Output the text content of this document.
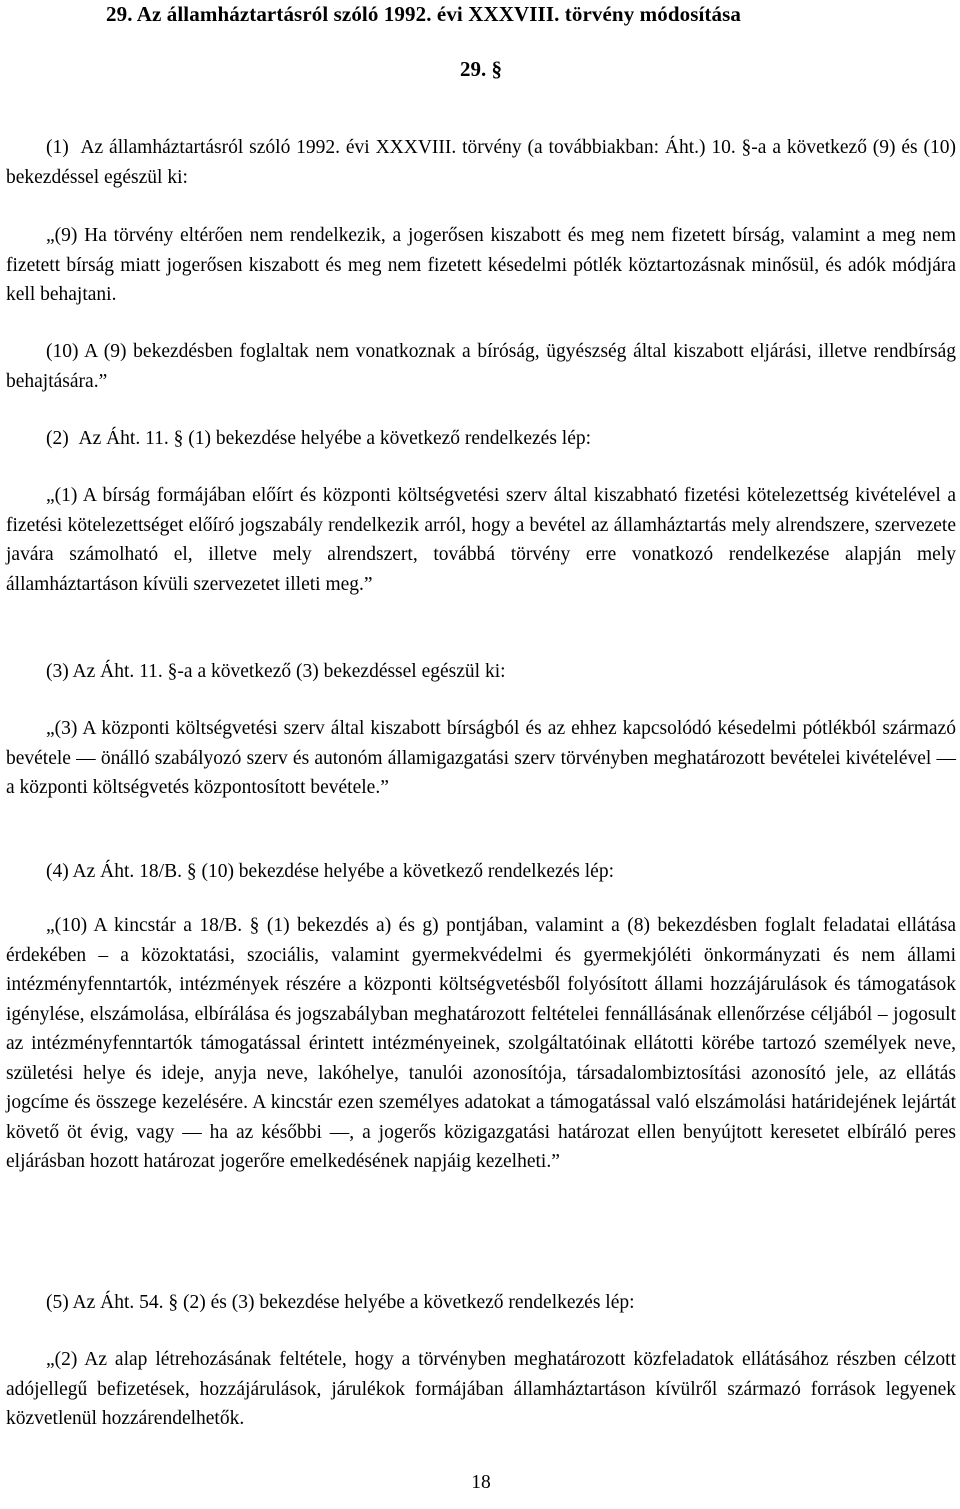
29. Az államháztartásról szóló 1992. évi XXXVIII. törvény módosítása
29. §

(1)  Az államháztartásról szóló 1992. évi XXXVIII. törvény (a továbbiakban: Áht.) 10. §-a a következő (9) és (10) bekezdéssel egészül ki:

„(9) Ha törvény eltérően nem rendelkezik, a jogerősen kiszabott és meg nem fizetett bírság, valamint a meg nem fizetett bírság miatt jogerősen kiszabott és meg nem fizetett késedelmi pótlék köztartozásnak minősül, és adók módjára kell behajtani.

(10) A (9) bekezdésben foglaltak nem vonatkoznak a bíróság, ügyészség által kiszabott eljárási, illetve rendbírság behajtására.”

(2)  Az Áht. 11. § (1) bekezdése helyébe a következő rendelkezés lép:

„(1) A bírság formájában előírt és központi költségvetési szerv által kiszabható fizetési kötelezettség kivételével a fizetési kötelezettséget előíró jogszabály rendelkezik arról, hogy a bevétel az államháztartás mely alrendszere, szervezete javára számolható el, illetve mely alrendszert, továbbá törvény erre vonatkozó rendelkezése alapján mely államháztartáson kívüli szervezetet illeti meg.”

(3) Az Áht. 11. §-a a következő (3) bekezdéssel egészül ki:

„(3) A központi költségvetési szerv által kiszabott bírságból és az ehhez kapcsolódó késedelmi pótlékból származó bevétele — önálló szabályozó szerv és autonóm államigazgatási szerv törvényben meghatározott bevételei kivételével — a központi költségvetés központosított bevétele.”

(4) Az Áht. 18/B. § (10) bekezdése helyébe a következő rendelkezés lép:

„(10) A kincstár a 18/B. § (1) bekezdés a) és g) pontjában, valamint a (8) bekezdésben foglalt feladatai ellátása érdekében – a közoktatási, szociális, valamint gyermekvédelmi és gyermekjóléti önkormányzati és nem állami intézményfenntartók, intézmények részére a központi költségvetésből folyósított állami hozzájárulások és támogatások igénylése, elszámolása, elbírálása és jogszabályban meghatározott feltételei fennállásának ellenőrzése céljából – jogosult az intézményfenntartók támogatással érintett intézményeinek, szolgáltatóinak ellátotti körébe tartozó személyek neve, születési helye és ideje, anyja neve, lakóhelye, tanulói azonosítója, társadalombiztosítási azonosító jele, az ellátás jogcíme és összege kezelésére. A kincstár ezen személyes adatokat a támogatással való elszámolási határidejének lejártát követő öt évig, vagy — ha az későbbi —, a jogerős közigazgatási határozat ellen benyújtott keresetet elbíráló peres eljárásban hozott határozat jogerőre emelkedésének napjáig kezelheti.”

(5) Az Áht. 54. § (2) és (3) bekezdése helyébe a következő rendelkezés lép:

„(2) Az alap létrehozásának feltétele, hogy a törvényben meghatározott közfeladatok ellátásához részben célzott adójellegű befizetések, hozzájárulások, járulékok formájában államháztartáson kívülről származó források legyenek közvetlenül hozzárendelhetők.

18
